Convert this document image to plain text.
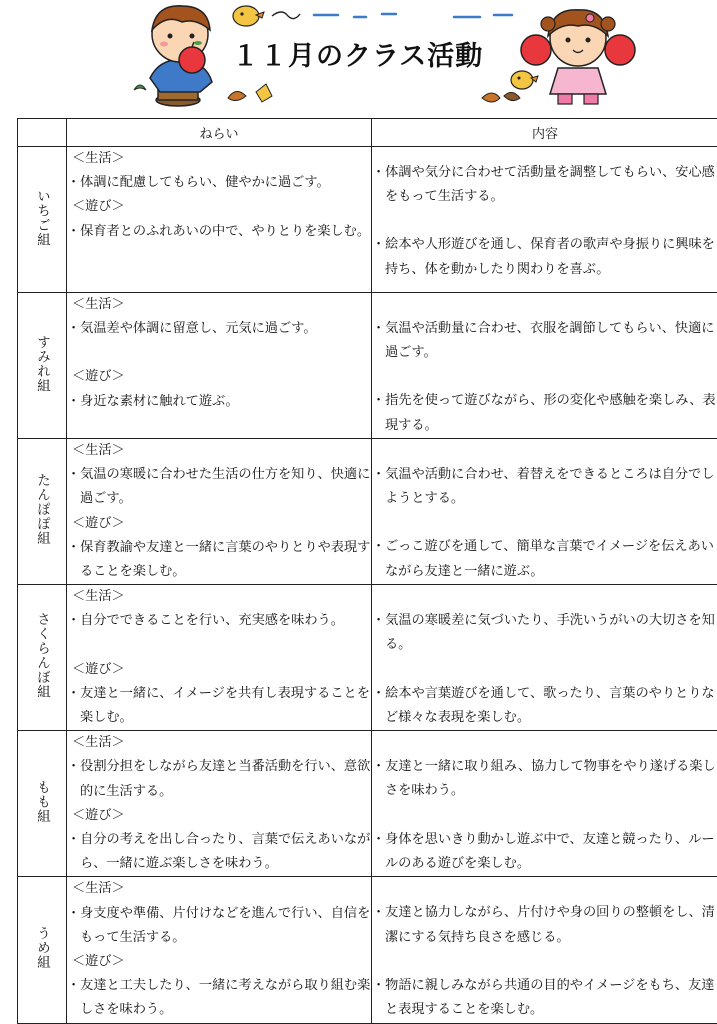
１１月のクラス活動
	ねらい	内容
いちご組	＜生活＞
・体調に配慮してもらい、健やかに過ごす。
＜遊び＞
・保育者とのふれあいの中で、やりとりを楽しむ。	・体調や気分に合わせて活動量を調整してもらい、安心感をもって生活する。
・絵本や人形遊びを通し、保育者の歌声や身振りに興味を持ち、体を動かしたり関わりを喜ぶ。

すみれ組	＜生活＞
・気温差や体調に留意し、元気に過ごす。
＜遊び＞
・身近な素材に触れて遊ぶ。	・気温や活動量に合わせ、衣服を調節してもらい、快適に過ごす。
・指先を使って遊びながら、形の変化や感触を楽しみ、表現する。

たんぽぽ組	＜生活＞
・気温の寒暖に合わせた生活の仕方を知り、快適に過ごす。
＜遊び＞
・保育教諭や友達と一緒に言葉のやりとりや表現することを楽しむ。	・気温や活動に合わせ、着替えをできるところは自分でしようとする。
・ごっこ遊びを通して、簡単な言葉でイメージを伝えあいながら友達と一緒に遊ぶ。

さくらんぼ組	＜生活＞
・自分でできることを行い、充実感を味わう。
＜遊び＞
・友達と一緒に、イメージを共有し表現することを楽しむ。	・気温の寒暖差に気づいたり、手洗いうがいの大切さを知る。
・絵本や言葉遊びを通して、歌ったり、言葉のやりとりなど様々な表現を楽しむ。

もも組	＜生活＞
・役割分担をしながら友達と当番活動を行い、意欲的に生活する。
＜遊び＞
・自分の考えを出し合ったり、言葉で伝えあいながら、一緒に遊ぶ楽しさを味わう。	・友達と一緒に取り組み、協力して物事をやり遂げる楽しさを味わう。
・身体を思いきり動かし遊ぶ中で、友達と競ったり、ルールのある遊びを楽しむ。

うめ組	＜生活＞
・身支度や準備、片付けなどを進んで行い、自信をもって生活する。
＜遊び＞
・友達と工夫したり、一緒に考えながら取り組む楽しさを味わう。	・友達と協力しながら、片付けや身の回りの整頓をし、清潔にする気持ち良さを感じる。
・物語に親しみながら共通の目的やイメージをもち、友達と表現することを楽しむ。
